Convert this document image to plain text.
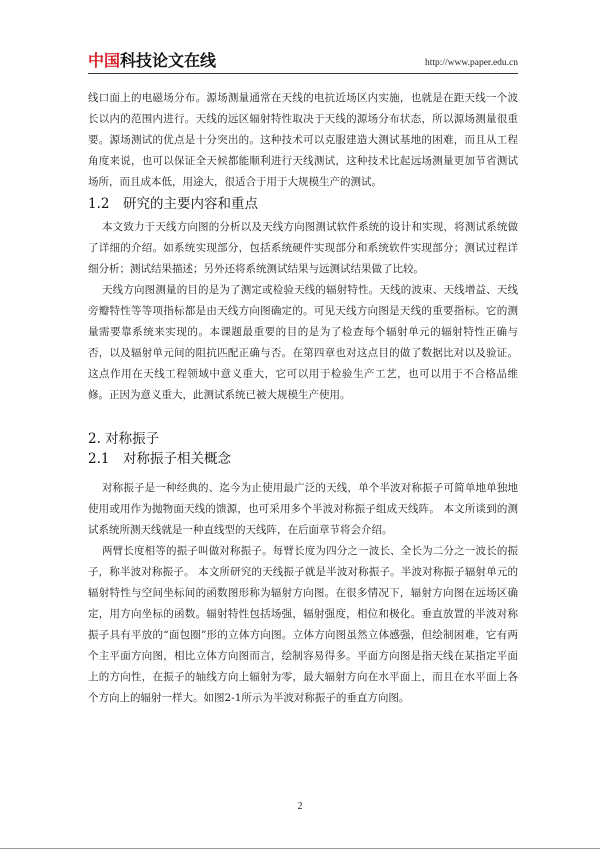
中国科技论文在线	http://www.paper.edu.cn

线口面上的电磁场分布。源场测量通常在天线的电抗近场区内实施，也就是在距天线一个波长以内的范围内进行。天线的远区辐射特性取决于天线的源场分布状态，所以源场测量很重要。源场测试的优点是十分突出的。这种技术可以克服建造大测试基地的困难，而且从工程角度来说，也可以保证全天候都能顺利进行天线测试，这种技术比起远场测量更加节省测试场所，而且成本低，用途大，很适合于用于大规模生产的测试。

1.2　研究的主要内容和重点

本文致力于天线方向图的分析以及天线方向图测试软件系统的设计和实现，将测试系统做了详细的介绍。如系统实现部分，包括系统硬件实现部分和系统软件实现部分；测试过程详细分析；测试结果描述；另外还将系统测试结果与远测试结果做了比较。

天线方向图测量的目的是为了测定或检验天线的辐射特性。天线的波束、天线增益、天线旁瓣特性等等项指标都是由天线方向图确定的。可见天线方向图是天线的重要指标。它的测量需要靠系统来实现的。本课题最重要的目的是为了检查每个辐射单元的辐射特性正确与否，以及辐射单元间的阻抗匹配正确与否。在第四章也对这点目的做了数据比对以及验证。这点作用在天线工程领域中意义重大，它可以用于检验生产工艺，也可以用于不合格品维修。正因为意义重大，此测试系统已被大规模生产使用。

2. 对称振子
2.1　对称振子相关概念

对称振子是一种经典的、迄今为止使用最广泛的天线，单个半波对称振子可简单地单独地使用或用作为抛物面天线的馈源，也可采用多个半波对称振子组成天线阵。 本文所谈到的测试系统所测天线就是一种直线型的天线阵，在后面章节将会介绍。

两臂长度相等的振子叫做对称振子。每臂长度为四分之一波长、全长为二分之一波长的振子，称半波对称振子。 本文所研究的天线振子就是半波对称振子。半波对称振子辐射单元的辐射特性与空间坐标间的函数图形称为辐射方向图。在很多情况下，辐射方向图在远场区确定，用方向坐标的函数。辐射特性包括场强，辐射强度，相位和极化。垂直放置的半波对称振子具有平放的“面包圈”形的立体方向图。立体方向图虽然立体感强，但绘制困难，它有两个主平面方向图，相比立体方向图而言，绘制容易得多。平面方向图是指天线在某指定平面上的方向性，在振子的轴线方向上辐射为零，最大辐射方向在水平面上，而且在水平面上各个方向上的辐射一样大。如图2-1所示为半波对称振子的垂直方向图。

2
